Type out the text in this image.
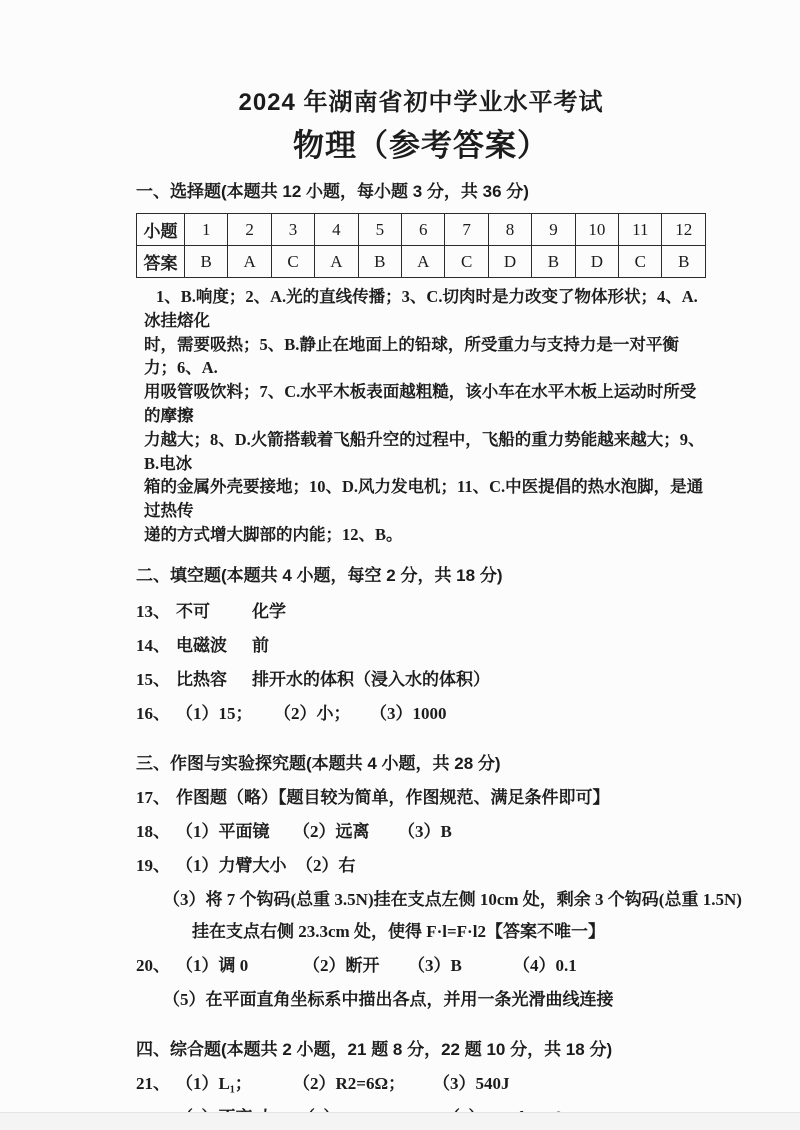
2024 年湖南省初中学业水平考试
物理（参考答案）
一、选择题(本题共 12 小题，每小题 3 分，共 36 分)
小题	1	2	3	4	5	6	7	8	9	10	11	12
答案	B	A	C	A	B	A	C	D	B	D	C	B
1、B.响度；2、A.光的直线传播；3、C.切肉时是力改变了物体形状；4、A.冰挂熔化
时，需要吸热；5、B.静止在地面上的铅球，所受重力与支持力是一对平衡力；6、A.
用吸管吸饮料；7、C.水平木板表面越粗糙，该小车在水平木板上运动时所受的摩擦
力越大；8、D.火箭搭载着飞船升空的过程中，飞船的重力势能越来越大；9、B.电冰
箱的金属外壳要接地；10、D.风力发电机；11、C.中医提倡的热水泡脚，是通过热传
递的方式增大脚部的内能；12、B。
二、填空题(本题共 4 小题，每空 2 分，共 18 分)
13、 不可	化学
14、 电磁波	前
15、 比热容	排开水的体积（浸入水的体积）
16、 （1）15；	（2）小；	（3）1000
三、作图与实验探究题(本题共 4 小题，共 28 分)
17、 作图题（略）【题目较为简单，作图规范、满足条件即可】
18、 （1）平面镜	（2）远离	（3）B
19、 （1）力臂大小 （2）右
（3）将 7 个钩码(总重 3.5N)挂在支点左侧 10cm 处，剩余 3 个钩码(总重 1.5N)
挂在支点右侧 23.3cm 处，使得 F·l=F·l2【答案不唯一】
20、 （1）调 0	（2）断开	（3）B	（4）0.1
（5）在平面直角坐标系中描出各点，并用一条光滑曲线连接
四、综合题(本题共 2 小题，21 题 8 分，22 题 10 分，共 18 分)
21、 （1）L₁；	（2）R2=6Ω；	（3）540J
